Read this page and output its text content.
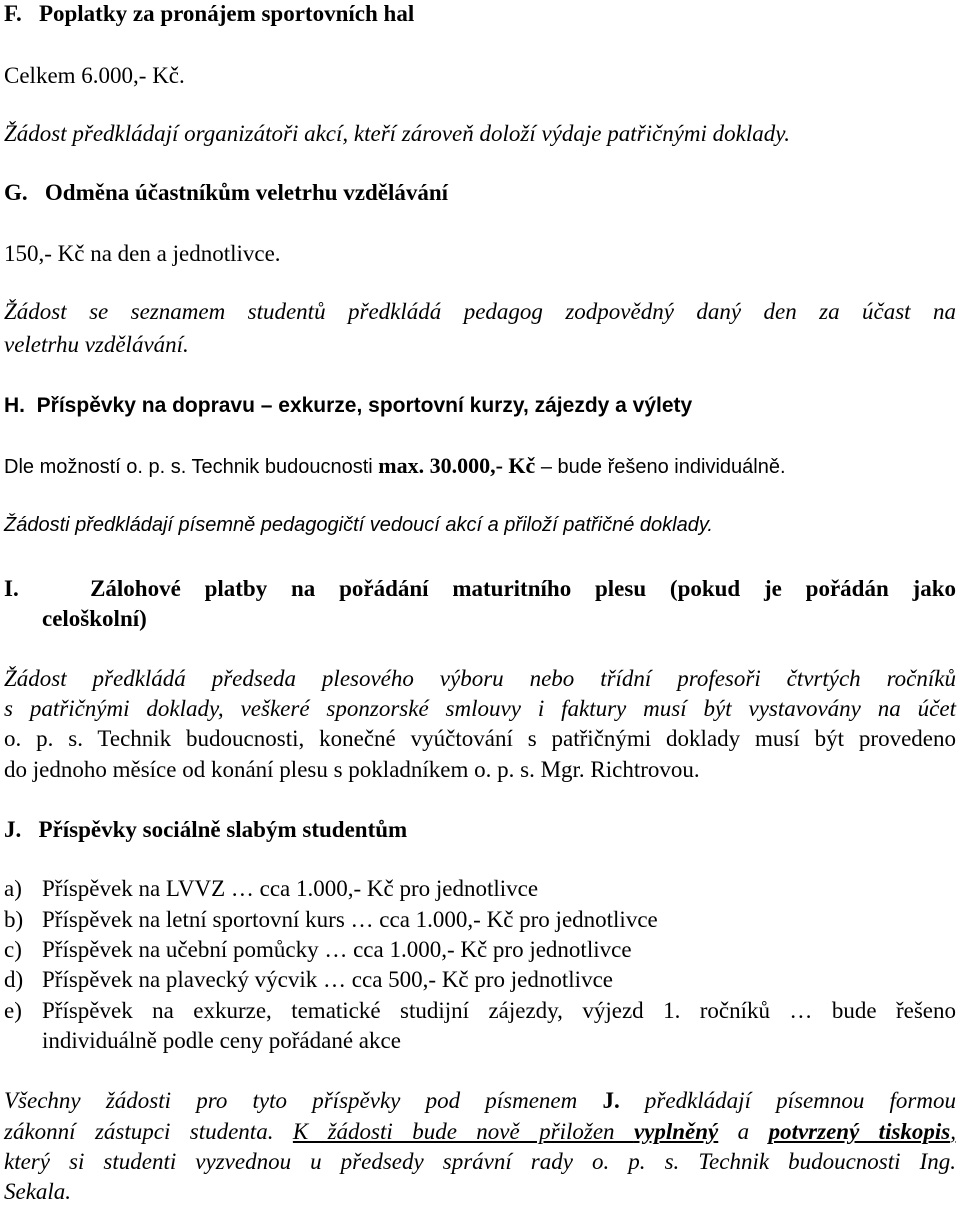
F.   Poplatky za pronájem sportovních hal
Celkem 6.000,- Kč.
Žádost předkládají organizátoři akcí, kteří zároveň doloží výdaje patřičnými doklady.
G.   Odměna účastníkům veletrhu vzdělávání
150,- Kč na den a jednotlivce.
Žádost se seznamem studentů předkládá pedagog zodpovědný daný den za účast na
veletrhu vzdělávání.
H.  Příspěvky na dopravu – exkurze, sportovní kurzy, zájezdy a výlety
Dle možností o. p. s. Technik budoucnosti max. 30.000,- Kč – bude řešeno individuálně.
Žádosti předkládají písemně pedagogičtí vedoucí akcí a přiloží patřičné doklady.
I.   Zálohové platby na pořádání maturitního plesu (pokud je pořádán jako
celoškolní)
Žádost předkládá předseda plesového výboru nebo třídní profesoři čtvrtých ročníků
s patřičnými doklady, veškeré sponzorské smlouvy i faktury musí být vystavovány na účet
o. p. s. Technik budoucnosti, konečné vyúčtování s patřičnými doklady musí být provedeno
do jednoho měsíce od konání plesu s pokladníkem o. p. s. Mgr. Richtrovou.
J.   Příspěvky sociálně slabým studentům
a) Příspěvek na LVVZ … cca 1.000,- Kč pro jednotlivce
b) Příspěvek na letní sportovní kurs … cca 1.000,- Kč pro jednotlivce
c) Příspěvek na učební pomůcky … cca 1.000,- Kč pro jednotlivce
d) Příspěvek na plavecký výcvik … cca 500,- Kč pro jednotlivce
e) Příspěvek na exkurze, tematické studijní zájezdy, výjezd 1. ročníků … bude řešeno
individuálně podle ceny pořádané akce
Všechny žádosti pro tyto příspěvky pod písmenem J. předkládají písemnou formou
zákonní zástupci studenta. K žádosti bude nově přiložen vyplněný a potvrzený tiskopis,
který si studenti vyzvednou u předsedy správní rady o. p. s. Technik budoucnosti Ing.
Sekala.
